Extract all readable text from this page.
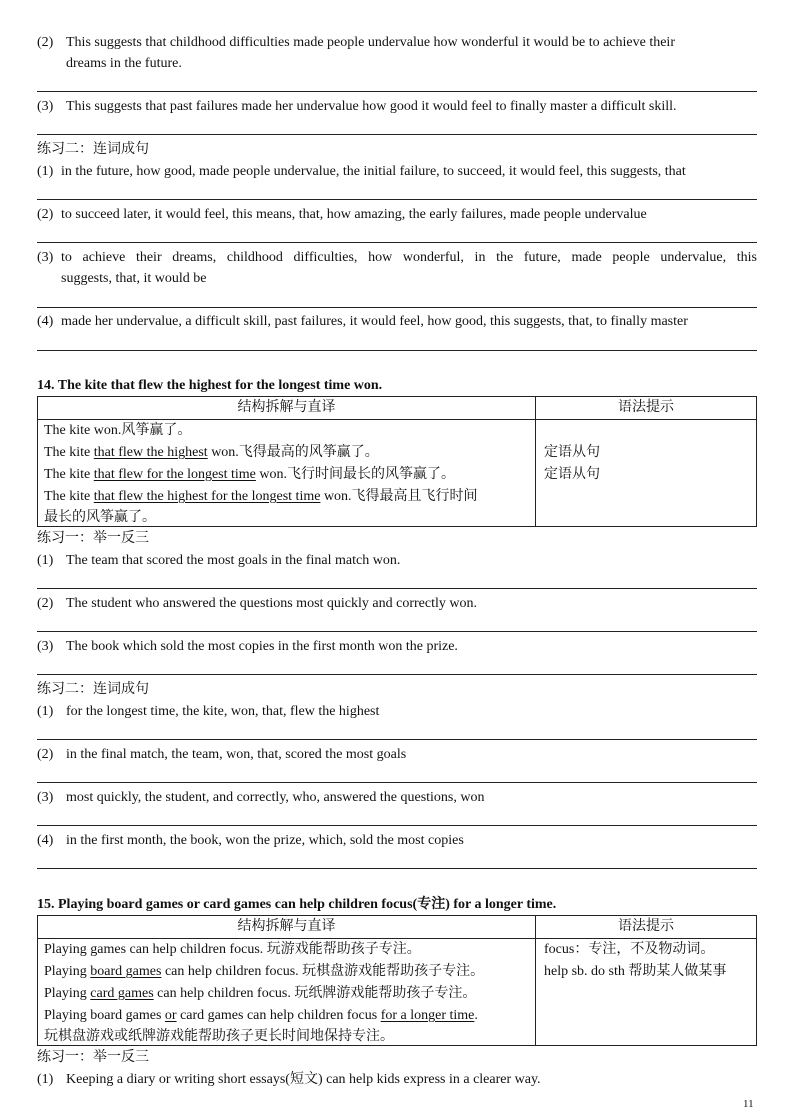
(2) This suggests that childhood difficulties made people undervalue how wonderful it would be to achieve their
dreams in the future.
(3) This suggests that past failures made her undervalue how good it would feel to finally master a difficult skill.
练习二：连词成句
(1) in the future, how good, made people undervalue, the initial failure, to succeed, it would feel, this suggests, that
(2) to succeed later, it would feel, this means, that, how amazing, the early failures, made people undervalue
(3) to achieve their dreams, childhood difficulties, how wonderful, in the future, made people undervalue, this
suggests, that, it would be
(4) made her undervalue, a difficult skill, past failures, it would feel, how good, this suggests, that, to finally master
14. The kite that flew the highest for the longest time won.
结构拆解与直译	语法提示
The kite won.风筝赢了。
The kite that flew the highest won.飞得最高的风筝赢了。
The kite that flew for the longest time won.飞行时间最长的风筝赢了。
The kite that flew the highest for the longest time won.飞得最高且飞行时间
最长的风筝赢了。
定语从句
定语从句
练习一：举一反三
(1) The team that scored the most goals in the final match won.
(2) The student who answered the questions most quickly and correctly won.
(3) The book which sold the most copies in the first month won the prize.
练习二：连词成句
(1) for the longest time, the kite, won, that, flew the highest
(2) in the final match, the team, won, that, scored the most goals
(3) most quickly, the student, and correctly, who, answered the questions, won
(4) in the first month, the book, won the prize, which, sold the most copies
15. Playing board games or card games can help children focus(专注) for a longer time.
结构拆解与直译	语法提示
Playing games can help children focus. 玩游戏能帮助孩子专注。
Playing board games can help children focus. 玩棋盘游戏能帮助孩子专注。
Playing card games can help children focus. 玩纸牌游戏能帮助孩子专注。
Playing board games or card games can help children focus for a longer time.
玩棋盘游戏或纸牌游戏能帮助孩子更长时间地保持专注。
focus：专注，不及物动词。
help sb. do sth 帮助某人做某事
练习一：举一反三
(1) Keeping a diary or writing short essays(短文) can help kids express in a clearer way.
11
